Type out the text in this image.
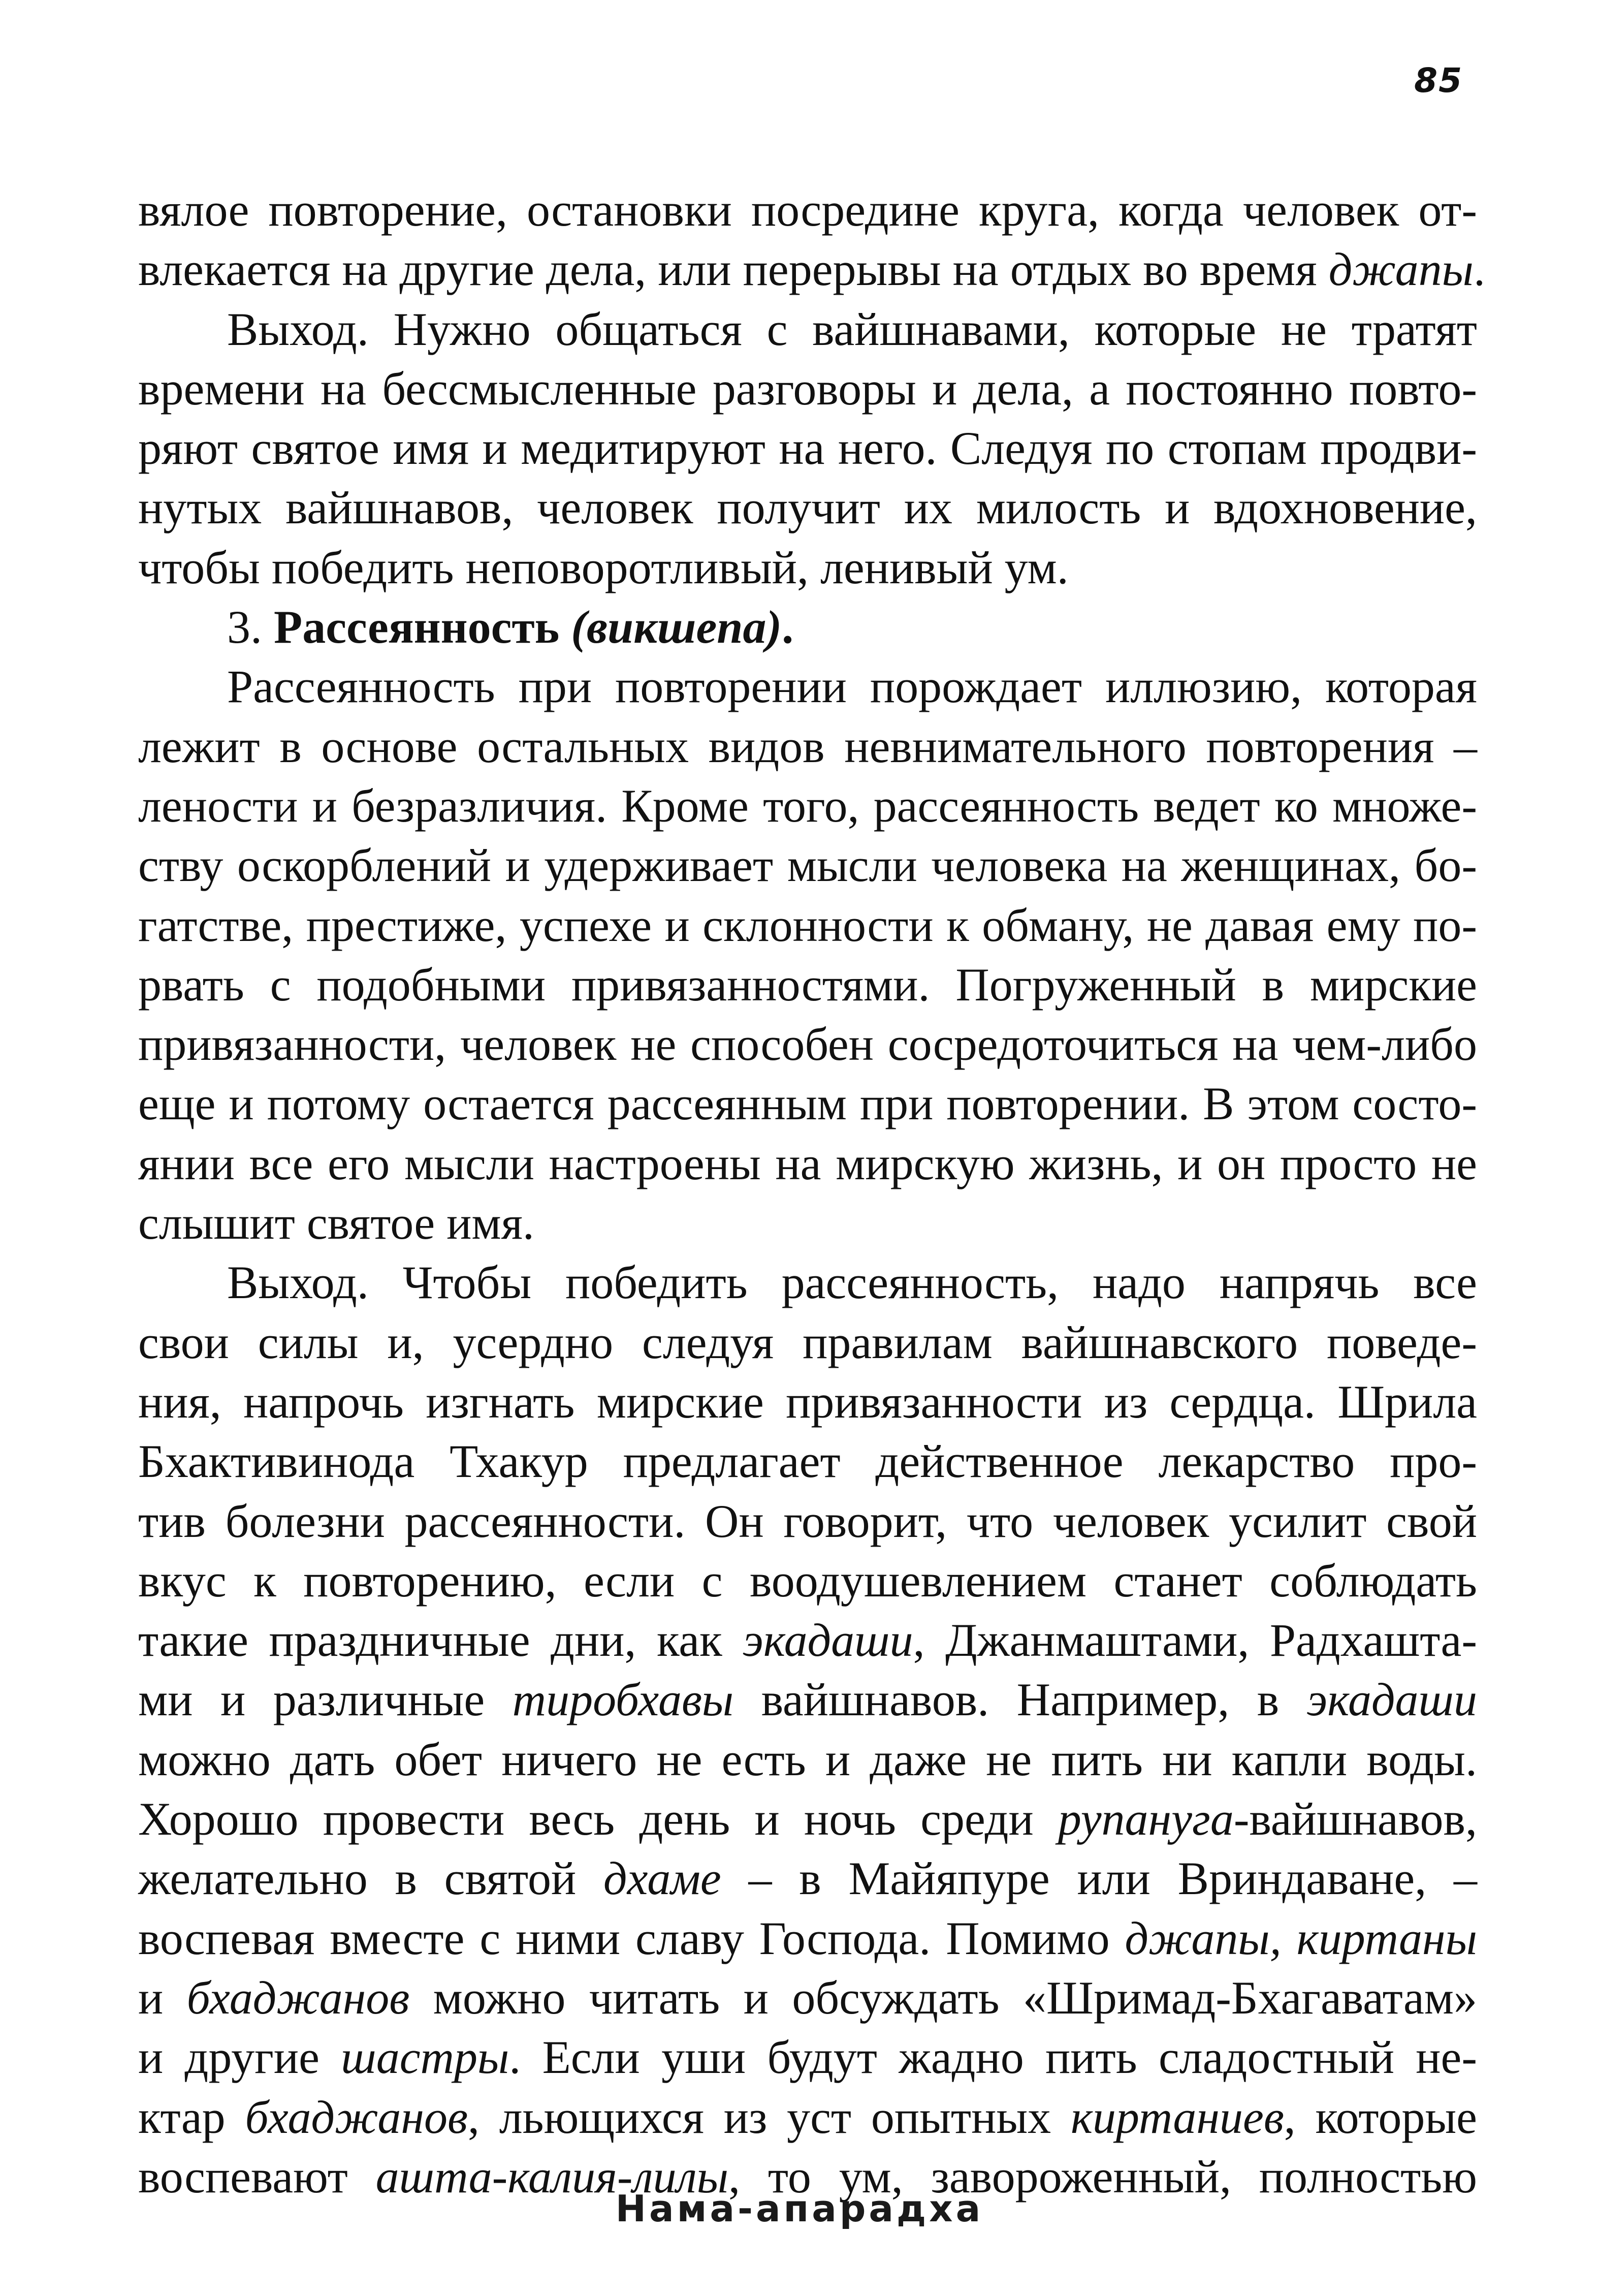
85
вялое повторение, остановки посредине круга, когда человек от-
влекается на другие дела, или перерывы на отдых во время джапы.
Выход. Нужно общаться с вайшнавами, которые не тратят
времени на бессмысленные разговоры и дела, а постоянно повто-
ряют святое имя и медитируют на него. Следуя по стопам продви-
нутых вайшнавов, человек получит их милость и вдохновение,
чтобы победить неповоротливый, ленивый ум.
3. Рассеянность (викшепа).
Рассеянность при повторении порождает иллюзию, которая
лежит в основе остальных видов невнимательного повторения –
лености и безразличия. Кроме того, рассеянность ведет ко множе-
ству оскорблений и удерживает мысли человека на женщинах, бо-
гатстве, престиже, успехе и склонности к обману, не давая ему по-
рвать с подобными привязанностями. Погруженный в мирские
привязанности, человек не способен сосредоточиться на чем-либо
еще и потому остается рассеянным при повторении. В этом состо-
янии все его мысли настроены на мирскую жизнь, и он просто не
слышит святое имя.
Выход. Чтобы победить рассеянность, надо напрячь все
свои силы и, усердно следуя правилам вайшнавского поведе-
ния, напрочь изгнать мирские привязанности из сердца. Шрила
Бхактивинода Тхакур предлагает действенное лекарство про-
тив болезни рассеянности. Он говорит, что человек усилит свой
вкус к повторению, если с воодушевлением станет соблюдать
такие праздничные дни, как экадаши, Джанмаштами, Радхашта-
ми и различные тиробхавы вайшнавов. Например, в экадаши
можно дать обет ничего не есть и даже не пить ни капли воды.
Хорошо провести весь день и ночь среди рупануга-вайшнавов,
желательно в святой дхаме – в Майяпуре или Вриндаване, –
воспевая вместе с ними славу Господа. Помимо джапы, киртаны
и бхаджанов можно читать и обсуждать «Шримад-Бхагаватам»
и другие шастры. Если уши будут жадно пить сладостный не-
ктар бхаджанов, льющихся из уст опытных киртаниев, которые
воспевают ашта-калия-лилы, то ум, завороженный, полностью
Нама-апарадха
